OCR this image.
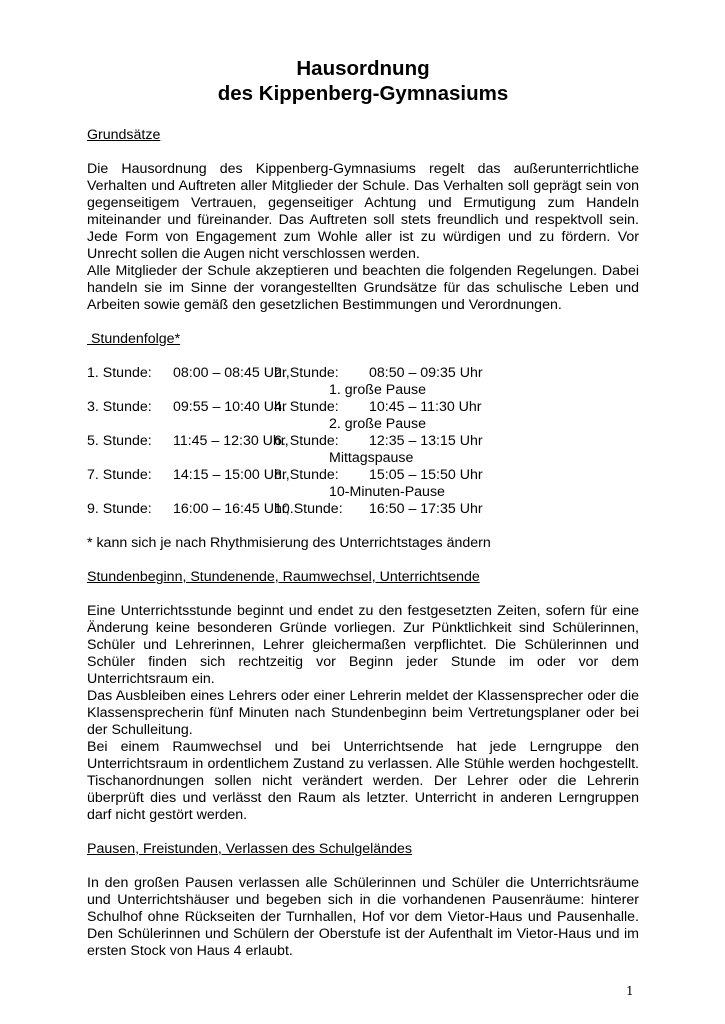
Hausordnung
des Kippenberg-Gymnasiums
Grundsätze

Die Hausordnung des Kippenberg-Gymnasiums regelt das außerunterrichtliche Verhalten und Auftreten aller Mitglieder der Schule. Das Verhalten soll geprägt sein von gegenseitigem Vertrauen, gegenseitiger Achtung und Ermutigung zum Handeln miteinander und füreinander. Das Auftreten soll stets freundlich und respektvoll sein. Jede Form von Engagement zum Wohle aller ist zu würdigen und zu fördern. Vor Unrecht sollen die Augen nicht verschlossen werden.

Alle Mitglieder der Schule akzeptieren und beachten die folgenden Regelungen. Dabei handeln sie im Sinne der vorangestellten Grundsätze für das schulische Leben und Arbeiten sowie gemäß den gesetzlichen Bestimmungen und Verordnungen.

Stundenfolge*
1. Stunde: 08:00 – 08:45 Uhr,
2. Stunde: 08:50 – 09:35 Uhr
1. große Pause
3. Stunde: 09:55 – 10:40 Uhr
4. Stunde: 10:45 – 11:30 Uhr
2. große Pause
5. Stunde: 11:45 – 12:30 Uhr,
6. Stunde: 12:35 – 13:15 Uhr
Mittagspause
7. Stunde: 14:15 – 15:00 Uhr,
8. Stunde: 15:05 – 15:50 Uhr
10-Minuten-Pause
9. Stunde: 16:00 – 16:45 Uhr,
10.Stunde: 16:50 – 17:35 Uhr
* kann sich je nach Rhythmisierung des Unterrichtstages ändern
Stundenbeginn, Stundenende, Raumwechsel, Unterrichtsende

Eine Unterrichtsstunde beginnt und endet zu den festgesetzten Zeiten, sofern für eine Änderung keine besonderen Gründe vorliegen. Zur Pünktlichkeit sind Schülerinnen, Schüler und Lehrerinnen, Lehrer gleichermaßen verpflichtet. Die Schülerinnen und Schüler finden sich rechtzeitig vor Beginn jeder Stunde im oder vor dem Unterrichtsraum ein.

Das Ausbleiben eines Lehrers oder einer Lehrerin meldet der Klassensprecher oder die Klassensprecherin fünf Minuten nach Stundenbeginn beim Vertretungsplaner oder bei der Schulleitung.

Bei einem Raumwechsel und bei Unterrichtsende hat jede Lerngruppe den Unterrichtsraum in ordentlichem Zustand zu verlassen. Alle Stühle werden hochgestellt. Tischanordnungen sollen nicht verändert werden. Der Lehrer oder die Lehrerin überprüft dies und verlässt den Raum als letzter. Unterricht in anderen Lerngruppen darf nicht gestört werden.

Pausen, Freistunden, Verlassen des Schulgeländes

In den großen Pausen verlassen alle Schülerinnen und Schüler die Unterrichtsräume und Unterrichtshäuser und begeben sich in die vorhandenen Pausenräume: hinterer Schulhof ohne Rückseiten der Turnhallen, Hof vor dem Vietor-Haus und Pausenhalle. Den Schülerinnen und Schülern der Oberstufe ist der Aufenthalt im Vietor-Haus und im ersten Stock von Haus 4 erlaubt.

1
